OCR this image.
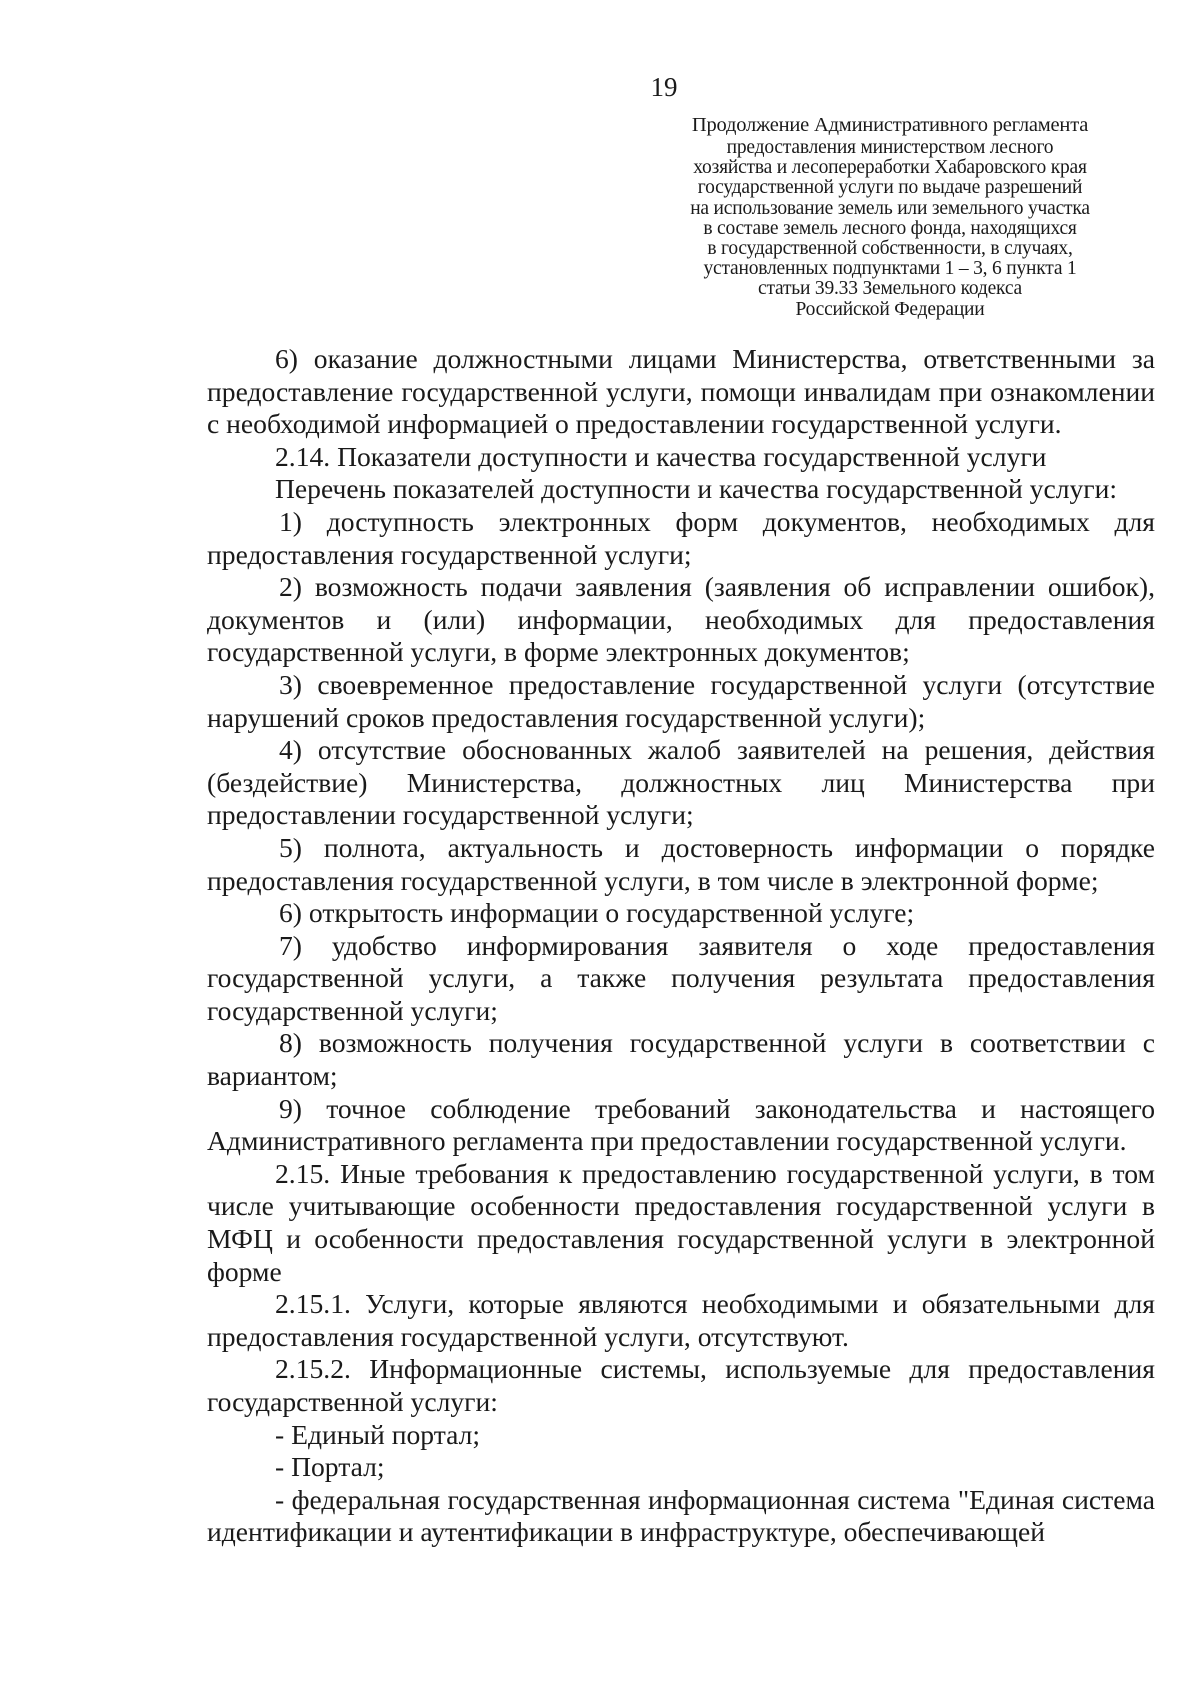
19
Продолжение Административного регламента
предоставления министерством лесного
хозяйства и лесопереработки Хабаровского края
государственной услуги по выдаче разрешений
на использование земель или земельного участка
в составе земель лесного фонда, находящихся
в государственной собственности, в случаях,
установленных подпунктами 1 – 3, 6 пункта 1
статьи 39.33 Земельного кодекса
Российской Федерации

6) оказание должностными лицами Министерства, ответственными за предоставление государственной услуги, помощи инвалидам при ознакомлении с необходимой информацией о предоставлении государственной услуги.

2.14. Показатели доступности и качества государственной услуги

Перечень показателей доступности и качества государственной услуги:

1) доступность электронных форм документов, необходимых для предоставления государственной услуги;

2) возможность подачи заявления (заявления об исправлении ошибок), документов и (или) информации, необходимых для предоставления государственной услуги, в форме электронных документов;

3) своевременное предоставление государственной услуги (отсутствие нарушений сроков предоставления государственной услуги);

4) отсутствие обоснованных жалоб заявителей на решения, действия (бездействие) Министерства, должностных лиц Министерства при предоставлении государственной услуги;

5) полнота, актуальность и достоверность информации о порядке предоставления государственной услуги, в том числе в электронной форме;

6) открытость информации о государственной услуге;

7) удобство информирования заявителя о ходе предоставления государственной услуги, а также получения результата предоставления государственной услуги;

8) возможность получения государственной услуги в соответствии с вариантом;

9) точное соблюдение требований законодательства и настоящего Административного регламента при предоставлении государственной услуги.

2.15. Иные требования к предоставлению государственной услуги, в том числе учитывающие особенности предоставления государственной услуги в МФЦ и особенности предоставления государственной услуги в электронной форме

2.15.1. Услуги, которые являются необходимыми и обязательными для предоставления государственной услуги, отсутствуют.

2.15.2. Информационные системы, используемые для предоставления государственной услуги:

- Единый портал;

- Портал;

- федеральная государственная информационная система "Единая система идентификации и аутентификации в инфраструктуре, обеспечивающей
